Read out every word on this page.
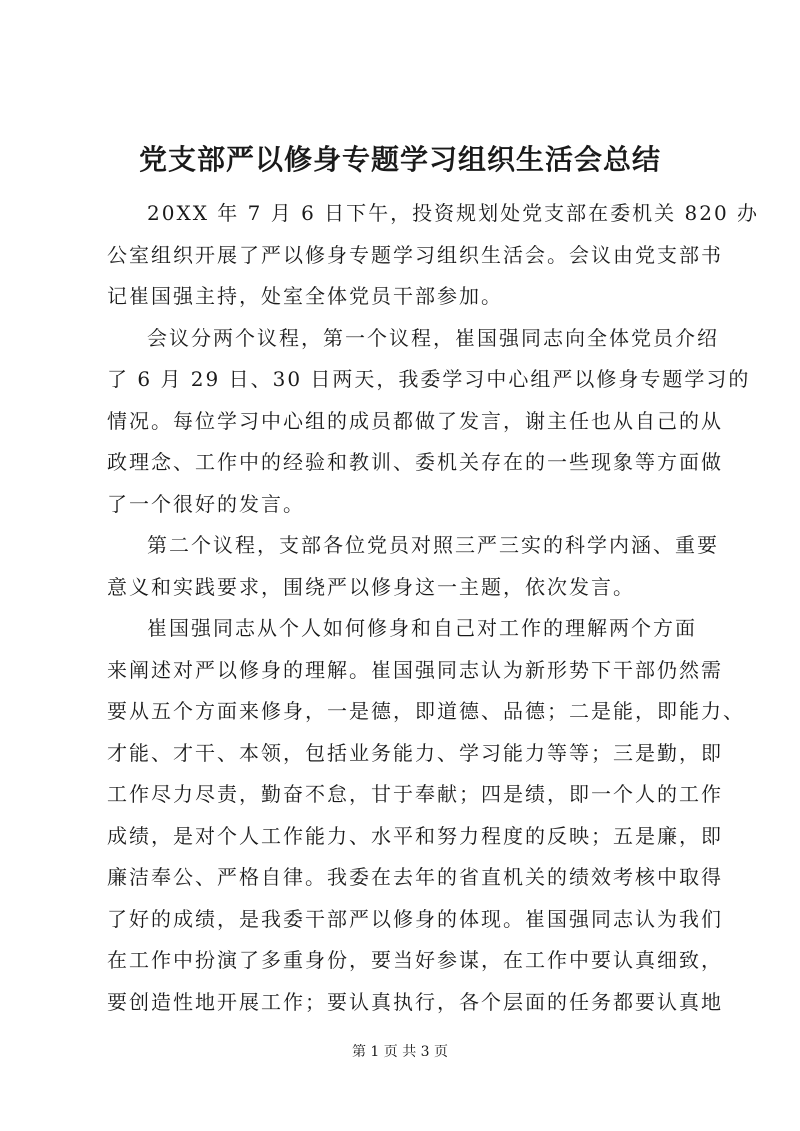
党支部严以修身专题学习组织生活会总结
20XX 年 7 月 6 日下午，投资规划处党支部在委机关 820 办
公室组织开展了严以修身专题学习组织生活会。会议由党支部书
记崔国强主持，处室全体党员干部参加。
会议分两个议程，第一个议程，崔国强同志向全体党员介绍
了 6 月 29 日、30 日两天，我委学习中心组严以修身专题学习的
情况。每位学习中心组的成员都做了发言，谢主任也从自己的从
政理念、工作中的经验和教训、委机关存在的一些现象等方面做
了一个很好的发言。
第二个议程，支部各位党员对照三严三实的科学内涵、重要
意义和实践要求，围绕严以修身这一主题，依次发言。
崔国强同志从个人如何修身和自己对工作的理解两个方面
来阐述对严以修身的理解。崔国强同志认为新形势下干部仍然需
要从五个方面来修身，一是德，即道德、品德；二是能，即能力、
才能、才干、本领，包括业务能力、学习能力等等；三是勤，即
工作尽力尽责，勤奋不怠，甘于奉献；四是绩，即一个人的工作
成绩，是对个人工作能力、水平和努力程度的反映；五是廉，即
廉洁奉公、严格自律。我委在去年的省直机关的绩效考核中取得
了好的成绩，是我委干部严以修身的体现。崔国强同志认为我们
在工作中扮演了多重身份，要当好参谋，在工作中要认真细致，
要创造性地开展工作；要认真执行，各个层面的任务都要认真地
第 1 页 共 3 页
